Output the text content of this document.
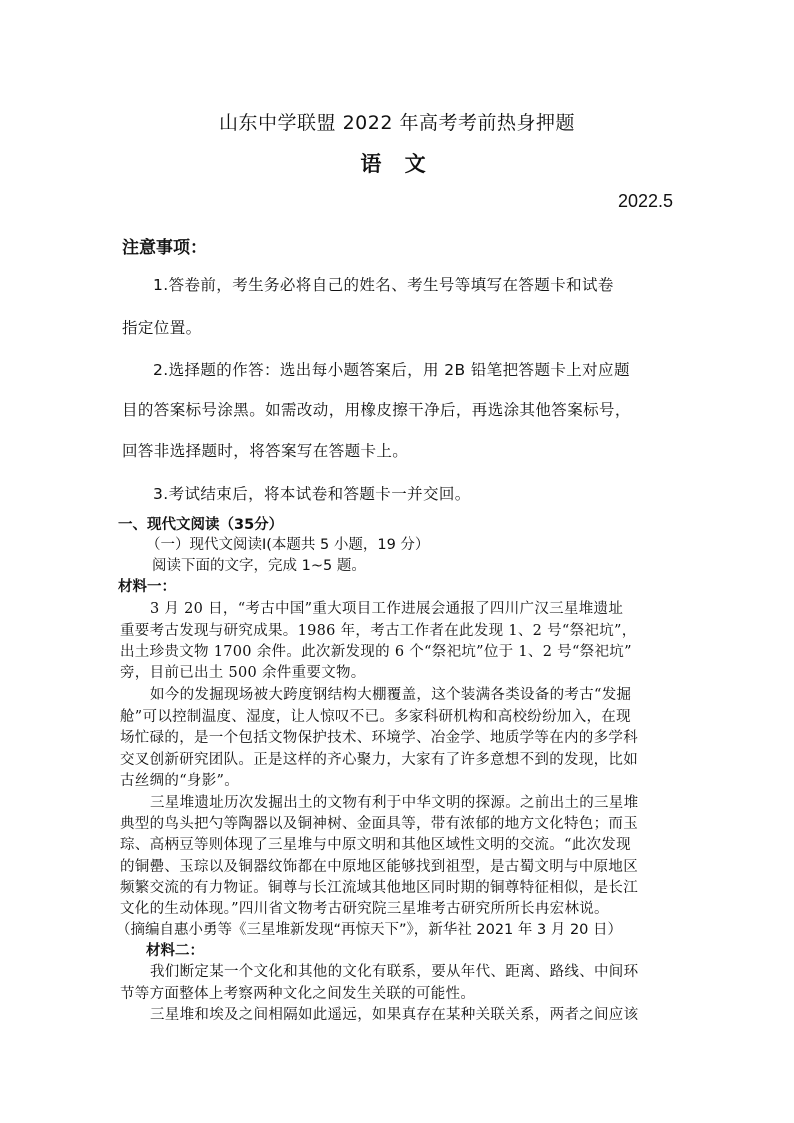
山东中学联盟 2022 年高考考前热身押题
语 文
2022.5
注意事项：
1.答卷前，考生务必将自己的姓名、考生号等填写在答题卡和试卷
指定位置。
2.选择题的作答：选出每小题答案后，用 2B 铅笔把答题卡上对应题
目的答案标号涂黑。如需改动，用橡皮擦干净后，再选涂其他答案标号，
回答非选择题时，将答案写在答题卡上。
3.考试结束后，将本试卷和答题卡一并交回。
一、现代文阅读（35分）
（一）现代文阅读Ⅰ(本题共 5 小题，19 分）
阅读下面的文字，完成 1~5 题。
材料一：
3 月 20 日，“考古中国”重大项目工作进展会通报了四川广汉三星堆遗址
重要考古发现与研究成果。1986 年，考古工作者在此发现 1、2 号“祭祀坑”，
出土珍贵文物 1700 余件。此次新发现的 6 个“祭祀坑”位于 1、2 号“祭祀坑”
旁，目前已出土 500 余件重要文物。
如今的发掘现场被大跨度钢结构大棚覆盖，这个装满各类设备的考古“发掘
舱”可以控制温度、湿度，让人惊叹不已。多家科研机构和高校纷纷加入，在现
场忙碌的，是一个包括文物保护技术、环境学、冶金学、地质学等在内的多学科
交叉创新研究团队。正是这样的齐心聚力，大家有了许多意想不到的发现，比如
古丝绸的“身影”。
三星堆遗址历次发掘出土的文物有利于中华文明的探源。之前出土的三星堆
典型的鸟头把勺等陶器以及铜神树、金面具等，带有浓郁的地方文化特色；而玉
琮、高柄豆等则体现了三星堆与中原文明和其他区域性文明的交流。“此次发现
的铜罍、玉琮以及铜器纹饰都在中原地区能够找到祖型，是古蜀文明与中原地区
频繁交流的有力物证。铜尊与长江流域其他地区同时期的铜尊特征相似，是长江
文化的生动体现。”四川省文物考古研究院三星堆考古研究所所长冉宏林说。
（摘编自惠小勇等《三星堆新发现“再惊天下”》，新华社 2021 年 3 月 20 日）
材料二：
我们断定某一个文化和其他的文化有联系，要从年代、距离、路线、中间环
节等方面整体上考察两种文化之间发生关联的可能性。
三星堆和埃及之间相隔如此遥远，如果真存在某种关联关系，两者之间应该
